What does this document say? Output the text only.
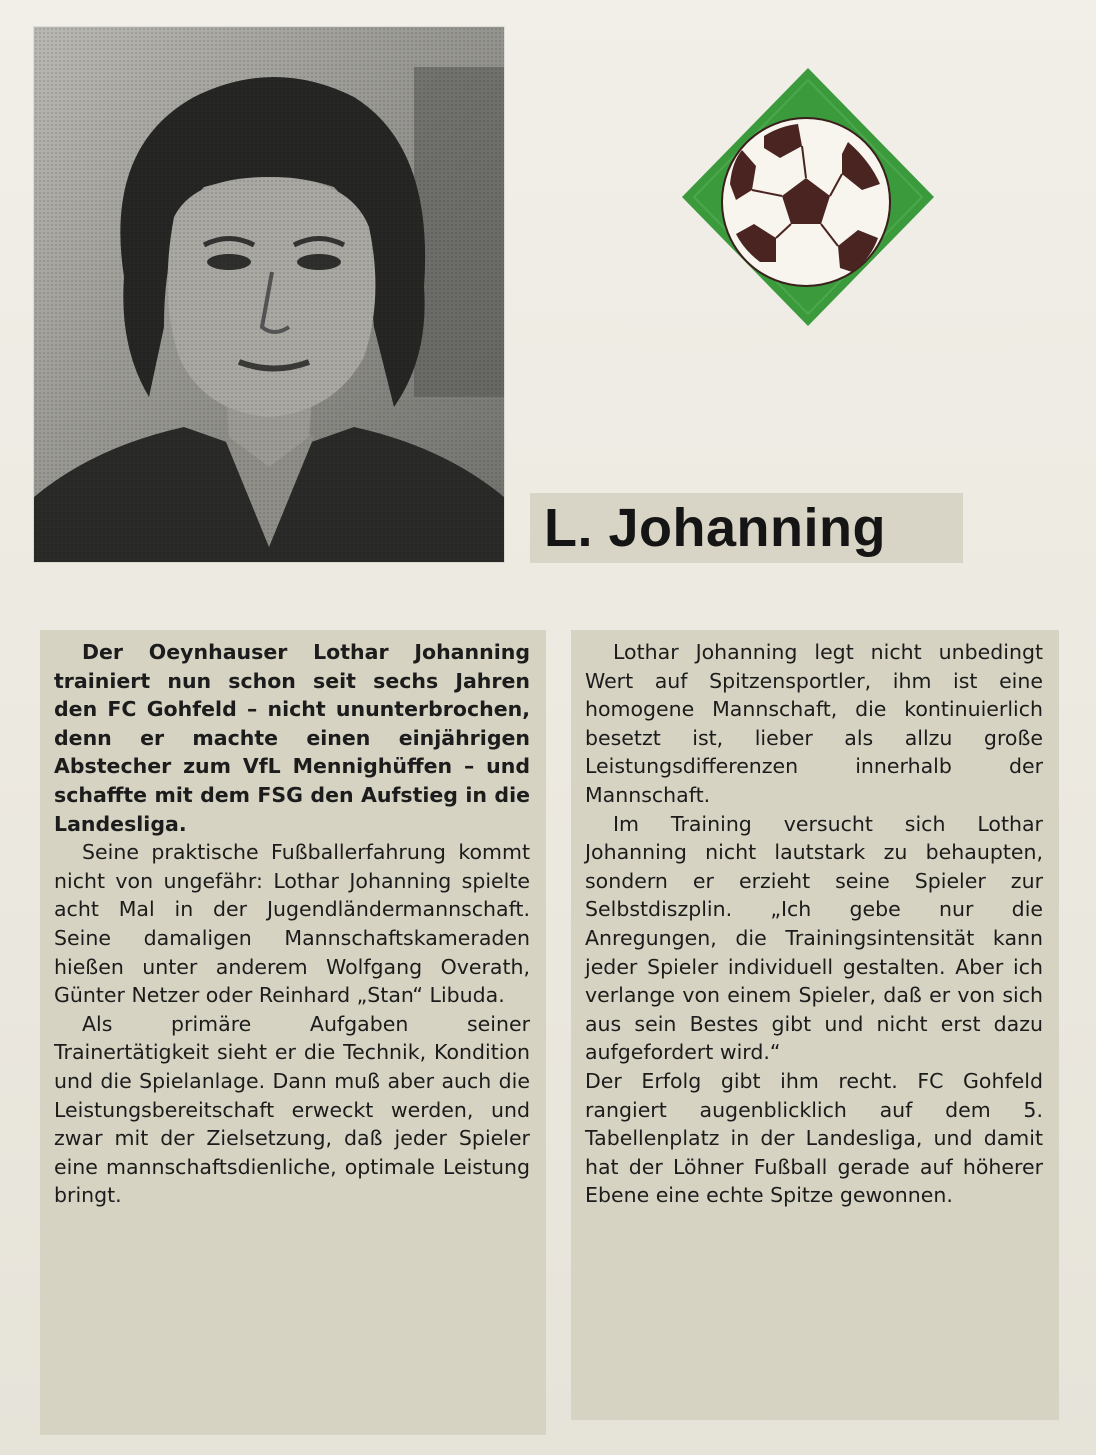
L. Johanning

Der Oeynhauser Lothar Johanning trainiert nun schon seit sechs Jahren den FC Gohfeld – nicht ununterbrochen, denn er machte einen einjährigen Abstecher zum VfL Mennighüffen – und schaffte mit dem FSG den Aufstieg in die Landesliga.

Seine praktische Fußballerfahrung kommt nicht von ungefähr: Lothar Johanning spielte acht Mal in der Jugendländermannschaft. Seine damaligen Mannschaftskameraden hießen unter anderem Wolfgang Overath, Günter Netzer oder Reinhard „Stan“ Libuda.

Als primäre Aufgaben seiner Trainertätigkeit sieht er die Technik, Kondition und die Spielanlage. Dann muß aber auch die Leistungsbereitschaft erweckt werden, und zwar mit der Zielsetzung, daß jeder Spieler eine mannschaftsdienliche, optimale Leistung bringt.

Lothar Johanning legt nicht unbedingt Wert auf Spitzensportler, ihm ist eine homogene Mannschaft, die kontinuierlich besetzt ist, lieber als allzu große Leistungsdifferenzen innerhalb der Mannschaft.

Im Training versucht sich Lothar Johanning nicht lautstark zu behaupten, sondern er erzieht seine Spieler zur Selbstdiszplin. „Ich gebe nur die Anregungen, die Trainingsintensität kann jeder Spieler individuell gestalten. Aber ich verlange von einem Spieler, daß er von sich aus sein Bestes gibt und nicht erst dazu aufgefordert wird.“

Der Erfolg gibt ihm recht. FC Gohfeld rangiert augenblicklich auf dem 5. Tabellenplatz in der Landesliga, und damit hat der Löhner Fußball gerade auf höherer Ebene eine echte Spitze gewonnen.
